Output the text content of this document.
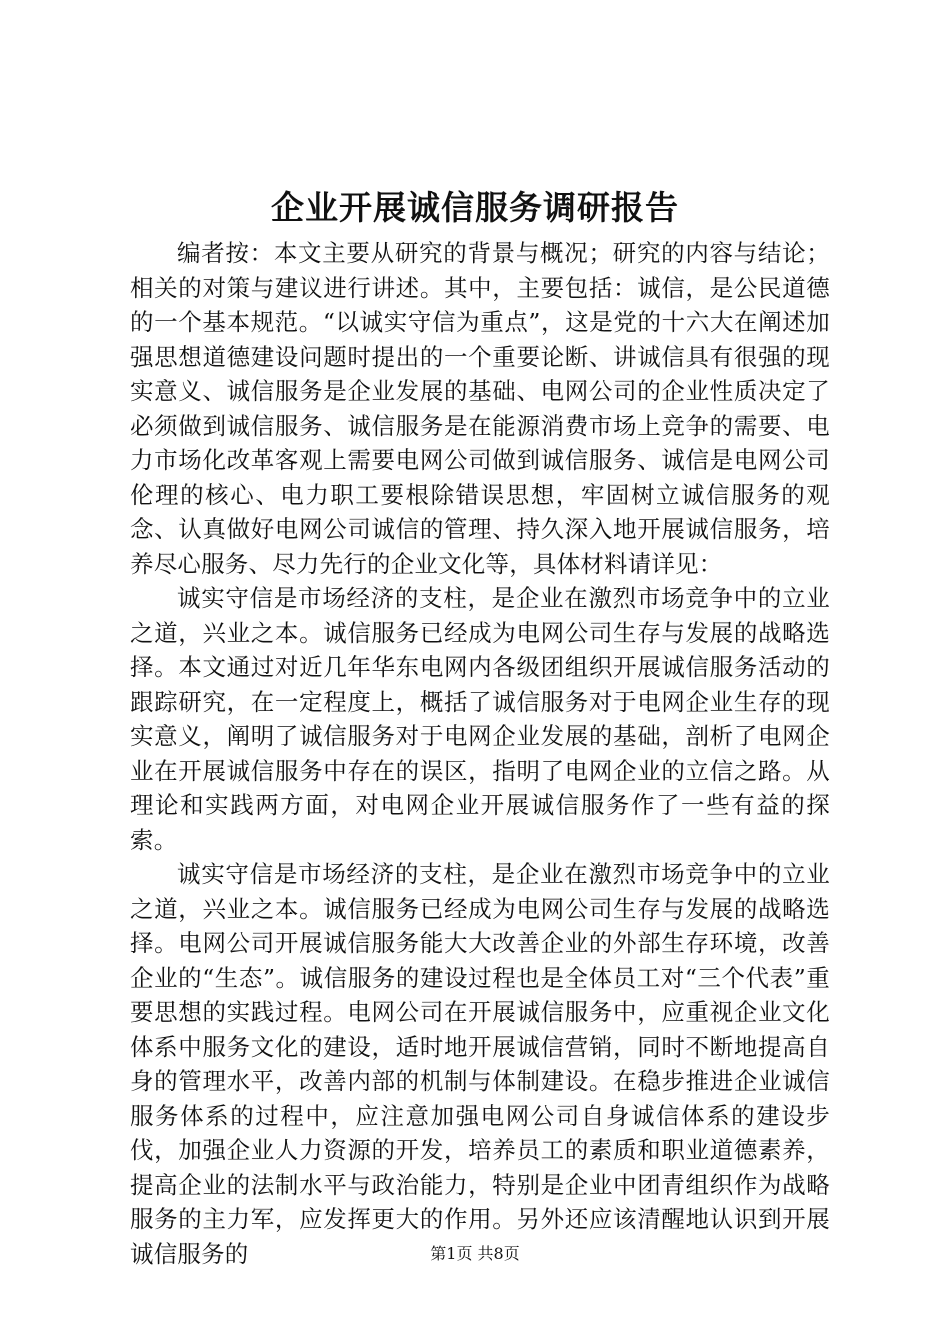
企业开展诚信服务调研报告

编者按：本文主要从研究的背景与概况；研究的内容与结论；相关的对策与建议进行讲述。其中，主要包括：诚信，是公民道德的一个基本规范。“以诚实守信为重点”，这是党的十六大在阐述加强思想道德建设问题时提出的一个重要论断、讲诚信具有很强的现实意义、诚信服务是企业发展的基础、电网公司的企业性质决定了必须做到诚信服务、诚信服务是在能源消费市场上竞争的需要、电力市场化改革客观上需要电网公司做到诚信服务、诚信是电网公司伦理的核心、电力职工要根除错误思想，牢固树立诚信服务的观念、认真做好电网公司诚信的管理、持久深入地开展诚信服务，培养尽心服务、尽力先行的企业文化等，具体材料请详见：

诚实守信是市场经济的支柱，是企业在激烈市场竞争中的立业之道，兴业之本。诚信服务已经成为电网公司生存与发展的战略选择。本文通过对近几年华东电网内各级团组织开展诚信服务活动的跟踪研究，在一定程度上，概括了诚信服务对于电网企业生存的现实意义，阐明了诚信服务对于电网企业发展的基础，剖析了电网企业在开展诚信服务中存在的误区，指明了电网企业的立信之路。从理论和实践两方面，对电网企业开展诚信服务作了一些有益的探索。

诚实守信是市场经济的支柱，是企业在激烈市场竞争中的立业之道，兴业之本。诚信服务已经成为电网公司生存与发展的战略选择。电网公司开展诚信服务能大大改善企业的外部生存环境，改善企业的“生态”。诚信服务的建设过程也是全体员工对“三个代表”重要思想的实践过程。电网公司在开展诚信服务中，应重视企业文化体系中服务文化的建设，适时地开展诚信营销，同时不断地提高自身的管理水平，改善内部的机制与体制建设。在稳步推进企业诚信服务体系的过程中，应注意加强电网公司自身诚信体系的建设步伐，加强企业人力资源的开发，培养员工的素质和职业道德素养，提高企业的法制水平与政治能力，特别是企业中团青组织作为战略服务的主力军，应发挥更大的作用。另外还应该清醒地认识到开展诚信服务的	第1页 共8页
